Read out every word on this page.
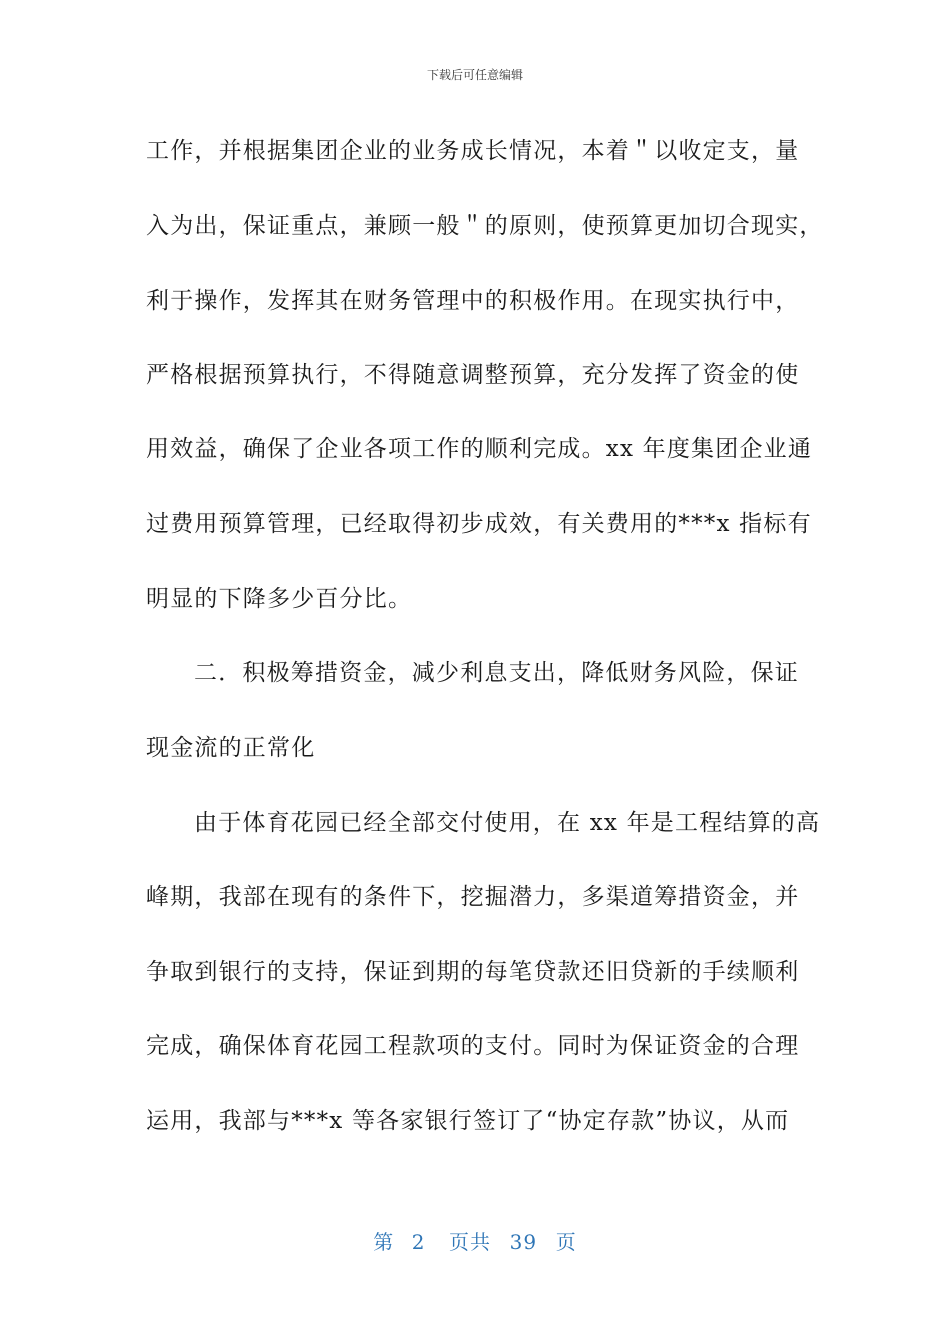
下载后可任意编辑
工作，并根据集团企业的业务成长情况，本着＂以收定支，量
入为出，保证重点，兼顾一般＂的原则，使预算更加切合现实，
利于操作，发挥其在财务管理中的积极作用。在现实执行中，
严格根据预算执行，不得随意调整预算，充分发挥了资金的使
用效益，确保了企业各项工作的顺利完成。xx 年度集团企业通
过费用预算管理，已经取得初步成效，有关费用的***x 指标有
明显的下降多少百分比。
二．积极筹措资金，减少利息支出，降低财务风险，保证
现金流的正常化
由于体育花园已经全部交付使用，在 xx 年是工程结算的高
峰期，我部在现有的条件下，挖掘潜力，多渠道筹措资金，并
争取到银行的支持，保证到期的每笔贷款还旧贷新的手续顺利
完成，确保体育花园工程款项的支付。同时为保证资金的合理
运用，我部与***x 等各家银行签订了“协定存款”协议，从而
第 2 页共 39 页
